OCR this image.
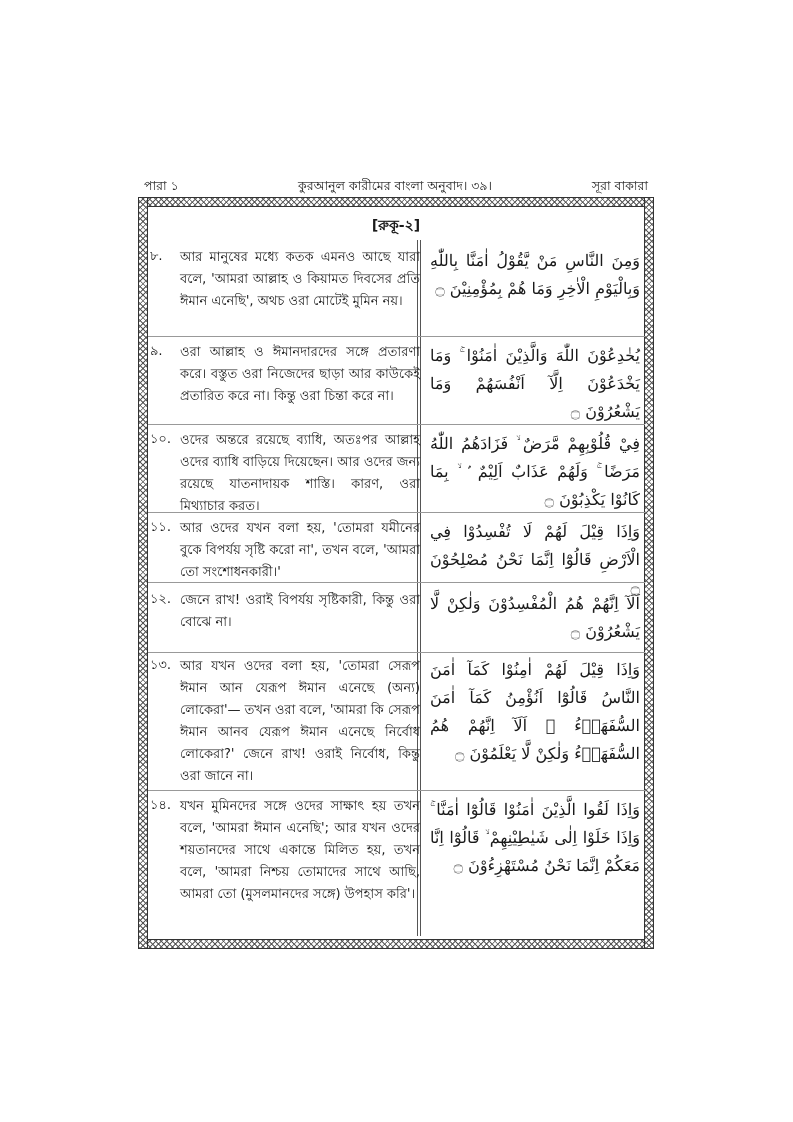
পারা ১	কুরআনুল কারীমের বাংলা অনুবাদ। ৩৯।	সূরা বাকারা
[রুকূ-২]
৮. আর মানুষের মধ্যে কতক এমনও আছে যারা বলে, 'আমরা আল্লাহ ও কিয়ামত দিবসের প্রতি ঈমান এনেছি', অথচ ওরা মোটেই মুমিন নয়।
وَمِنَ النَّاسِ مَنْ يَّقُوْلُ اٰمَنَّا بِاللّٰهِ وَبِالْيَوْمِ الْاٰخِرِ وَمَا هُمْ بِمُؤْمِنِيْنَ ۝
৯. ওরা আল্লাহ ও ঈমানদারদের সঙ্গে প্রতারণা করে। বস্তুত ওরা নিজেদের ছাড়া আর কাউকেই প্রতারিত করে না। কিন্তু ওরা চিন্তা করে না।
يُخٰدِعُوْنَ اللّٰهَ وَالَّذِيْنَ اٰمَنُوْا ۚ وَمَا يَخْدَعُوْنَ اِلَّآ اَنْفُسَهُمْ وَمَا يَشْعُرُوْنَ ۝
১০. ওদের অন্তরে রয়েছে ব্যাধি, অতঃপর আল্লাহ ওদের ব্যাধি বাড়িয়ে দিয়েছেন। আর ওদের জন্য রয়েছে যাতনাদায়ক শাস্তি। কারণ, ওরা মিথ্যাচার করত।
فِيْ قُلُوْبِهِمْ مَّرَضٌ ۙ فَزَادَهُمُ اللّٰهُ مَرَضًا ۚ وَلَهُمْ عَذَابٌ اَلِيْمٌ ۢ ۙ بِمَا كَانُوْا يَكْذِبُوْنَ ۝
১১. আর ওদের যখন বলা হয়, 'তোমরা যমীনের বুকে বিপর্যয় সৃষ্টি করো না', তখন বলে, 'আমরা তো সংশোধনকারী।'
وَاِذَا قِيْلَ لَهُمْ لَا تُفْسِدُوْا فِي الْاَرْضِ قَالُوْٓا اِنَّمَا نَحْنُ مُصْلِحُوْنَ ۝
১২. জেনে রাখ! ওরাই বিপর্যয় সৃষ্টিকারী, কিন্তু ওরা বোঝে না।
اَلَآ اِنَّهُمْ هُمُ الْمُفْسِدُوْنَ وَلٰكِنْ لَّا يَشْعُرُوْنَ ۝
১৩. আর যখন ওদের বলা হয়, 'তোমরা সেরূপ ঈমান আন যেরূপ ঈমান এনেছে (অন্য) লোকেরা'— তখন ওরা বলে, 'আমরা কি সেরূপ ঈমান আনব যেরূপ ঈমান এনেছে নির্বোধ লোকেরা?' জেনে রাখ! ওরাই নির্বোধ, কিন্তু ওরা জানে না।
وَاِذَا قِيْلَ لَهُمْ اٰمِنُوْا كَمَآ اٰمَنَ النَّاسُ قَالُوْٓا اَنُؤْمِنُ كَمَآ اٰمَنَ السُّفَهَاۤءُ ۗ اَلَآ اِنَّهُمْ هُمُ السُّفَهَاۤءُ وَلٰكِنْ لَّا يَعْلَمُوْنَ ۝
১৪. যখন মুমিনদের সঙ্গে ওদের সাক্ষাৎ হয় তখন বলে, 'আমরা ঈমান এনেছি'; আর যখন ওদের শয়তানদের সাথে একান্তে মিলিত হয়, তখন বলে, 'আমরা নিশ্চয় তোমাদের সাথে আছি, আমরা তো (মুসলমানদের সঙ্গে) উপহাস করি'।
وَاِذَا لَقُوا الَّذِيْنَ اٰمَنُوْا قَالُوْٓا اٰمَنَّا ۚ وَاِذَا خَلَوْا اِلٰى شَيٰطِيْنِهِمْ ۙ قَالُوْٓا اِنَّا مَعَكُمْ اِنَّمَا نَحْنُ مُسْتَهْزِءُوْنَ ۝
